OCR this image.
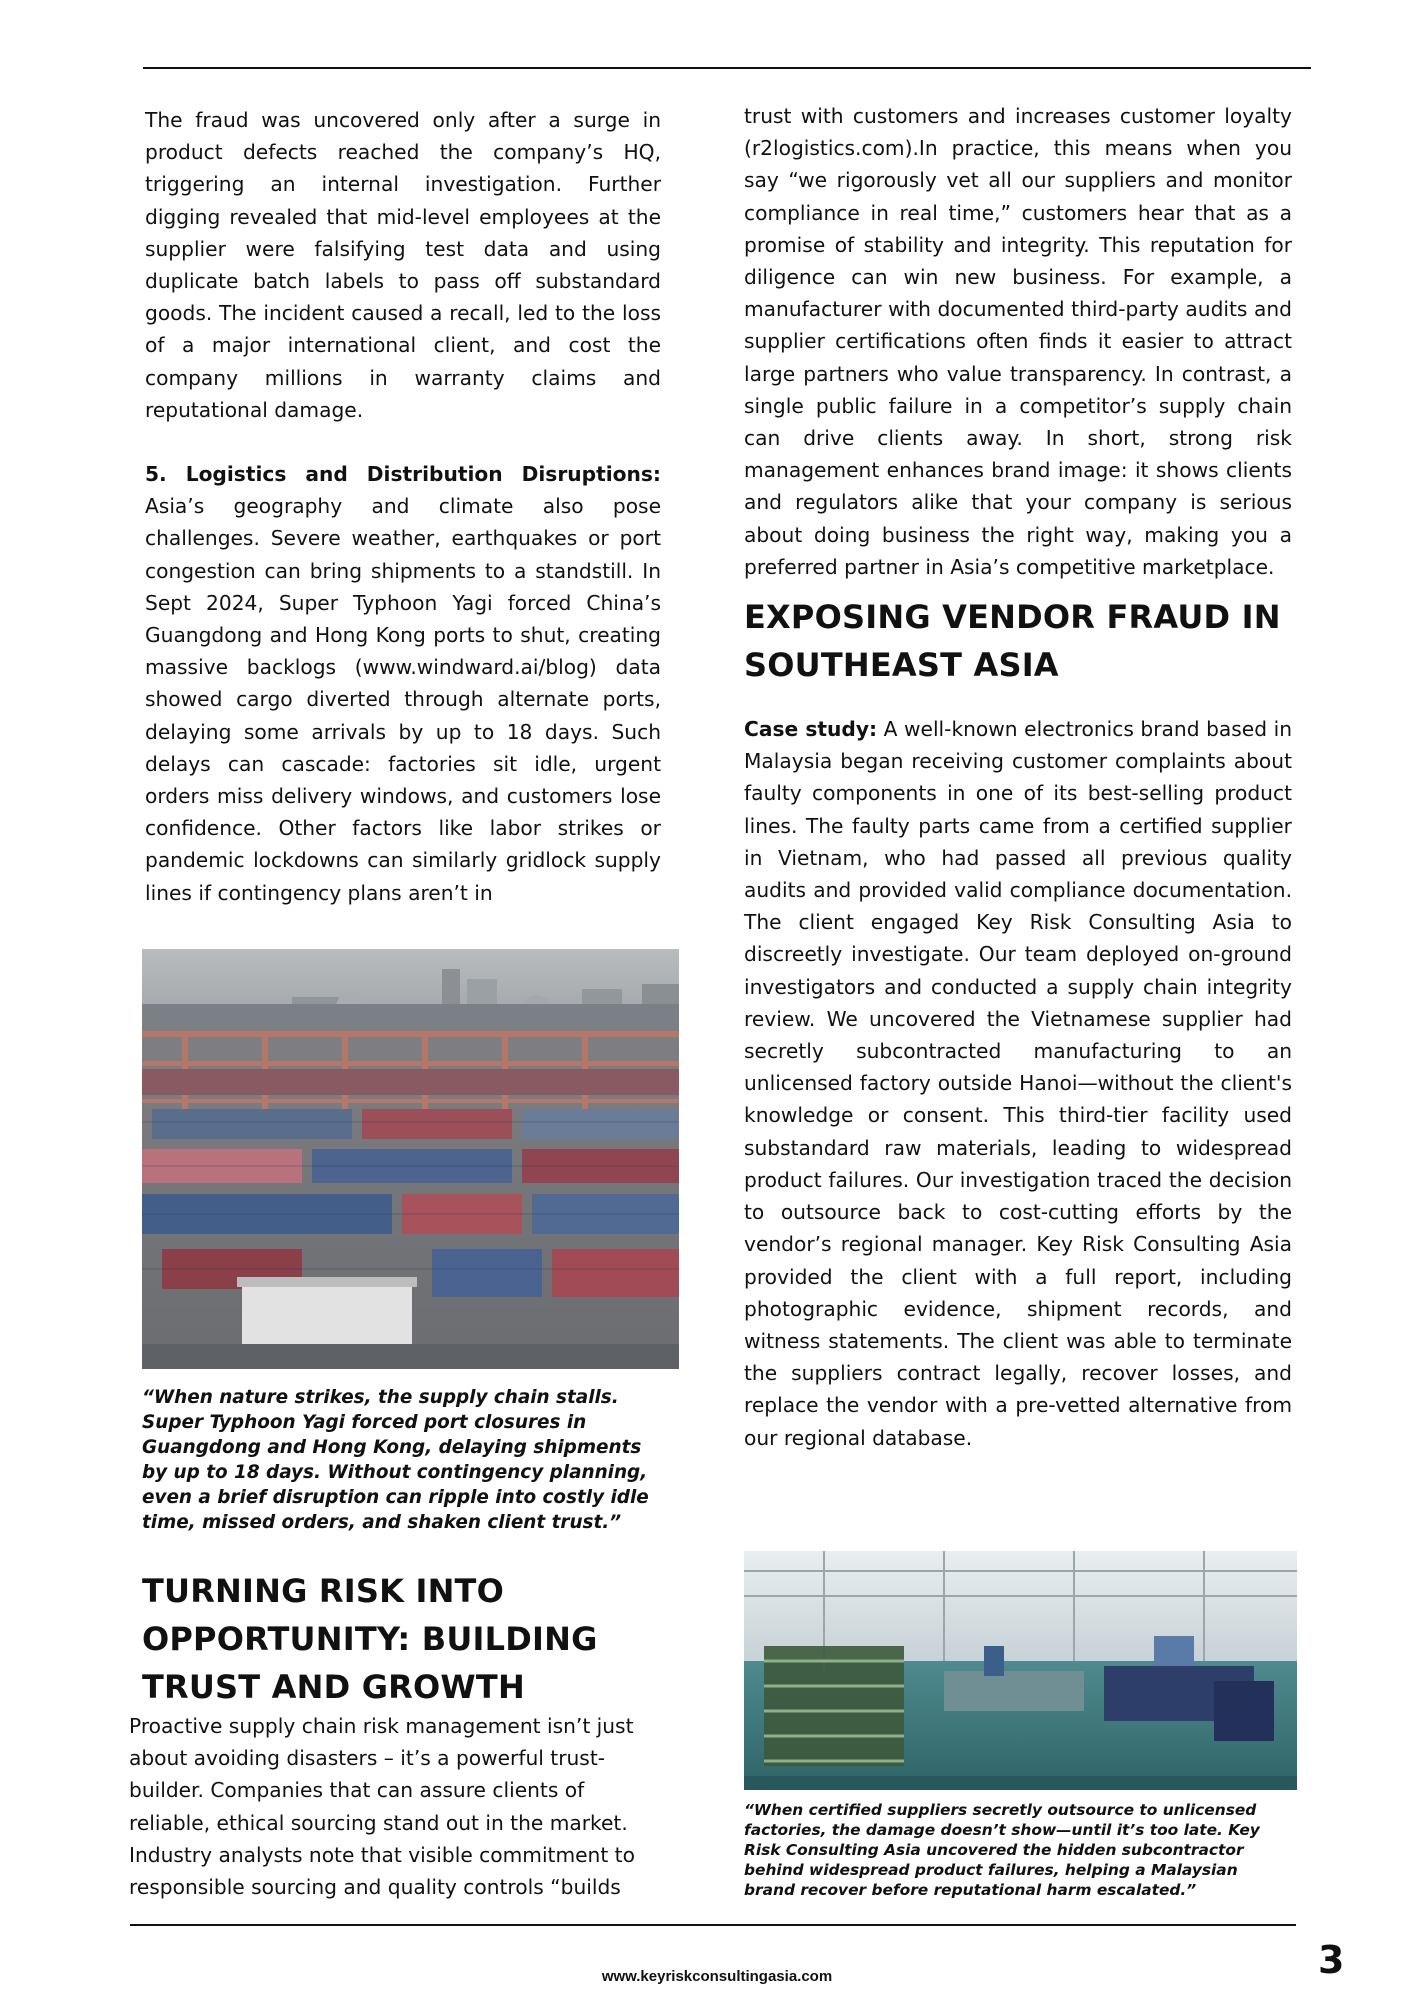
The fraud was uncovered only after a surge in product defects reached the company’s HQ, triggering an internal investigation. Further digging revealed that mid-level employees at the supplier were falsifying test data and using duplicate batch labels to pass off substandard goods. The incident caused a recall, led to the loss of a major international client, and cost the company millions in warranty claims and reputational damage.

5. Logistics and Distribution Disruptions: Asia’s geography and climate also pose challenges. Severe weather, earthquakes or port congestion can bring shipments to a standstill. In Sept 2024, Super Typhoon Yagi forced China’s Guangdong and Hong Kong ports to shut, creating massive backlogs (www.windward.ai/blog) data showed cargo diverted through alternate ports, delaying some arrivals by up to 18 days. Such delays can cascade: factories sit idle, urgent orders miss delivery windows, and customers lose confidence. Other factors like labor strikes or pandemic lockdowns can similarly gridlock supply lines if contingency plans aren’t in

“When nature strikes, the supply chain stalls. Super Typhoon Yagi forced port closures in Guangdong and Hong Kong, delaying shipments by up to 18 days. Without contingency planning, even a brief disruption can ripple into costly idle time, missed orders, and shaken client trust.”

TURNING RISK INTO OPPORTUNITY: BUILDING TRUST AND GROWTH

Proactive supply chain risk management isn’t just about avoiding disasters – it’s a powerful trust-builder. Companies that can assure clients of reliable, ethical sourcing stand out in the market. Industry analysts note that visible commitment to responsible sourcing and quality controls “builds

trust with customers and increases customer loyalty (r2logistics.com).In practice, this means when you say “we rigorously vet all our suppliers and monitor compliance in real time,” customers hear that as a promise of stability and integrity. This reputation for diligence can win new business. For example, a manufacturer with documented third-party audits and supplier certifications often finds it easier to attract large partners who value transparency. In contrast, a single public failure in a competitor’s supply chain can drive clients away. In short, strong risk management enhances brand image: it shows clients and regulators alike that your company is serious about doing business the right way, making you a preferred partner in Asia’s competitive marketplace.

EXPOSING VENDOR FRAUD IN SOUTHEAST ASIA

Case study: A well-known electronics brand based in Malaysia began receiving customer complaints about faulty components in one of its best-selling product lines. The faulty parts came from a certified supplier in Vietnam, who had passed all previous quality audits and provided valid compliance documentation. The client engaged Key Risk Consulting Asia to discreetly investigate. Our team deployed on-ground investigators and conducted a supply chain integrity review. We uncovered the Vietnamese supplier had secretly subcontracted manufacturing to an unlicensed factory outside Hanoi—without the client's knowledge or consent. This third-tier facility used substandard raw materials, leading to widespread product failures. Our investigation traced the decision to outsource back to cost-cutting efforts by the vendor’s regional manager. Key Risk Consulting Asia provided the client with a full report, including photographic evidence, shipment records, and witness statements. The client was able to terminate the suppliers contract legally, recover losses, and replace the vendor with a pre-vetted alternative from our regional database.

“When certified suppliers secretly outsource to unlicensed factories, the damage doesn’t show—until it’s too late. Key Risk Consulting Asia uncovered the hidden subcontractor behind widespread product failures, helping a Malaysian brand recover before reputational harm escalated.”

www.keyriskconsultingasia.com	3
